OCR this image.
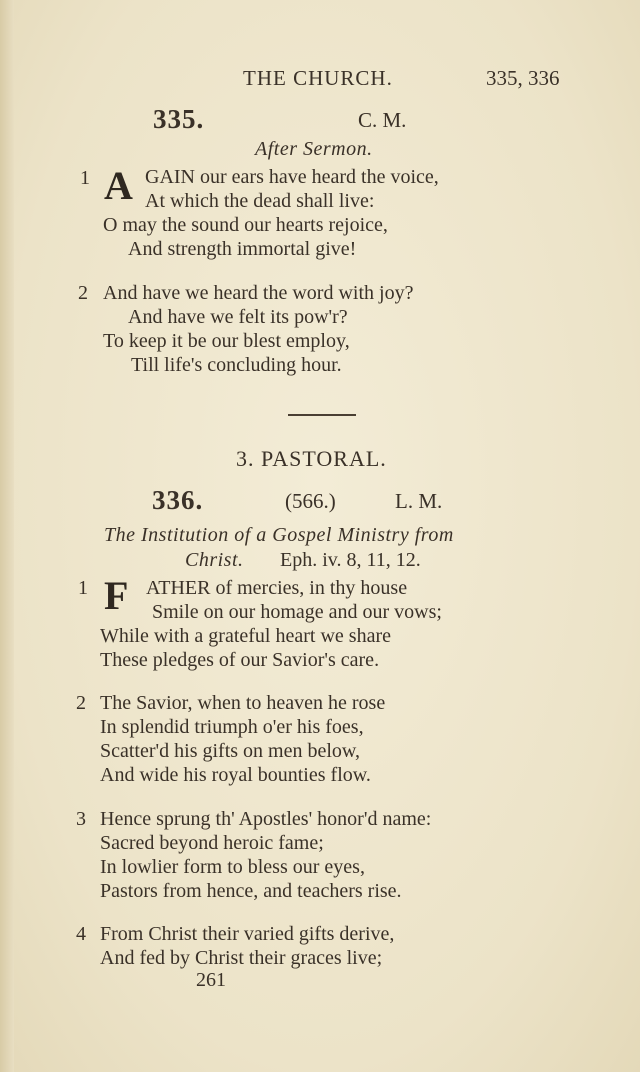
THE CHURCH.	335, 336
335.	C. M.
After Sermon.
1 A GAIN our ears have heard the voice,
At which the dead shall live:
O may the sound our hearts rejoice,
And strength immortal give!
2 And have we heard the word with joy?
And have we felt its pow'r?
To keep it be our blest employ,
Till life's concluding hour.
3. PASTORAL.
336.	(566.)	L. M.
The Institution of a Gospel Ministry from
Christ. Eph. iv. 8, 11, 12.
1 F ATHER of mercies, in thy house
Smile on our homage and our vows;
While with a grateful heart we share
These pledges of our Savior's care.
2 The Savior, when to heaven he rose
In splendid triumph o'er his foes,
Scatter'd his gifts on men below,
And wide his royal bounties flow.
3 Hence sprung th' Apostles' honor'd name:
Sacred beyond heroic fame;
In lowlier form to bless our eyes,
Pastors from hence, and teachers rise.
4 From Christ their varied gifts derive,
And fed by Christ their graces live;
261
